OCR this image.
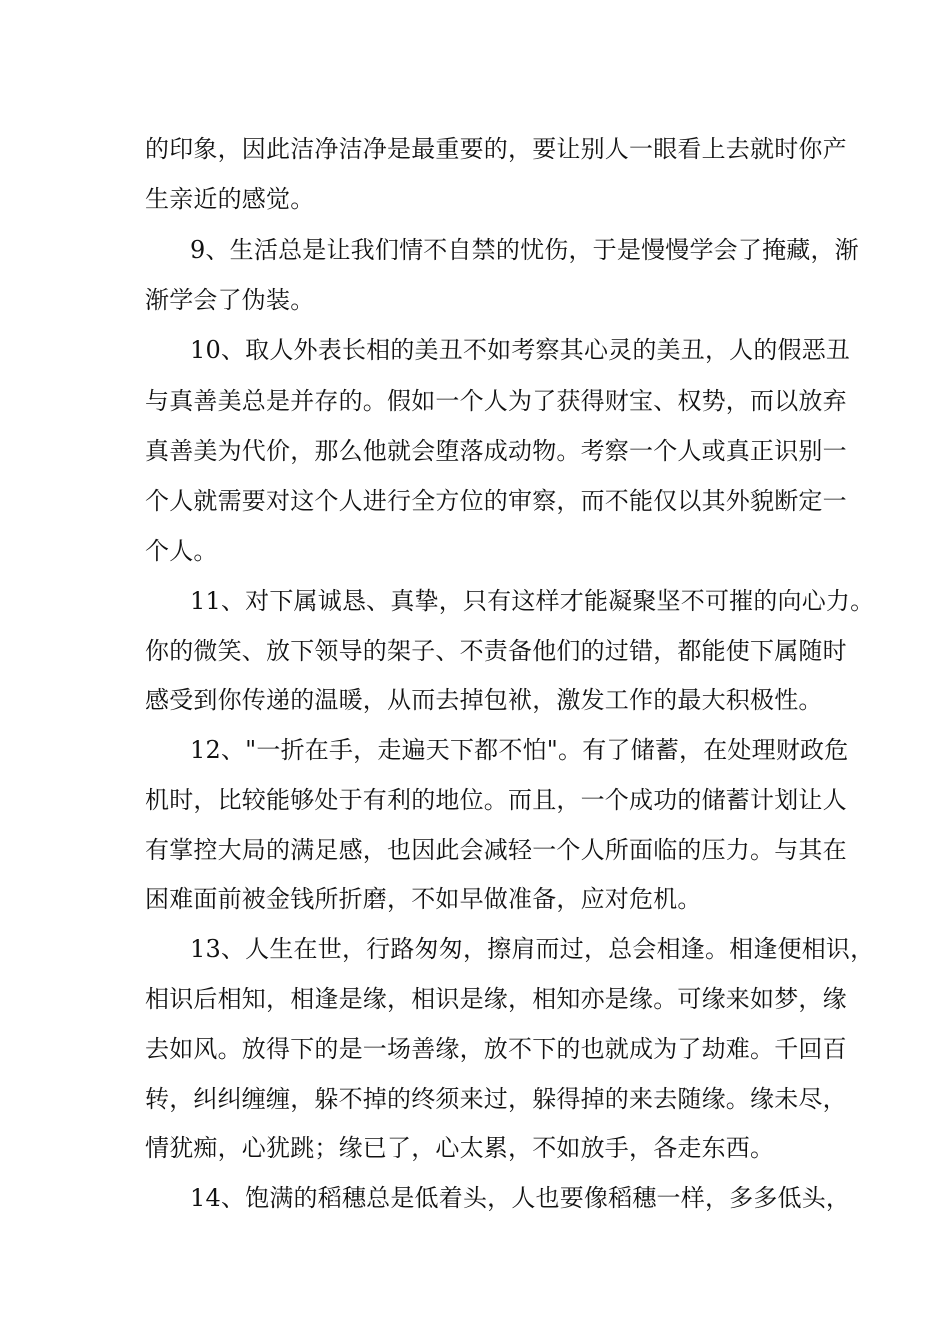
的印象，因此洁净洁净是最重要的，要让别人一眼看上去就时你产
生亲近的感觉。
9、生活总是让我们情不自禁的忧伤，于是慢慢学会了掩藏，渐
渐学会了伪装。
10、取人外表长相的美丑不如考察其心灵的美丑，人的假恶丑
与真善美总是并存的。假如一个人为了获得财宝、权势，而以放弃
真善美为代价，那么他就会堕落成动物。考察一个人或真正识别一
个人就需要对这个人进行全方位的审察，而不能仅以其外貌断定一
个人。
11、对下属诚恳、真挚，只有这样才能凝聚坚不可摧的向心力。
你的微笑、放下领导的架子、不责备他们的过错，都能使下属随时
感受到你传递的温暖，从而去掉包袱，激发工作的最大积极性。
12、"一折在手，走遍天下都不怕"。有了储蓄，在处理财政危
机时，比较能够处于有利的地位。而且，一个成功的储蓄计划让人
有掌控大局的满足感，也因此会减轻一个人所面临的压力。与其在
困难面前被金钱所折磨，不如早做准备，应对危机。
13、人生在世，行路匆匆，擦肩而过，总会相逢。相逢便相识，
相识后相知，相逢是缘，相识是缘，相知亦是缘。可缘来如梦，缘
去如风。放得下的是一场善缘，放不下的也就成为了劫难。千回百
转，纠纠缠缠，躲不掉的终须来过，躲得掉的来去随缘。缘未尽，
情犹痴，心犹跳；缘已了，心太累，不如放手，各走东西。
14、饱满的稻穗总是低着头，人也要像稻穗一样，多多低头，
